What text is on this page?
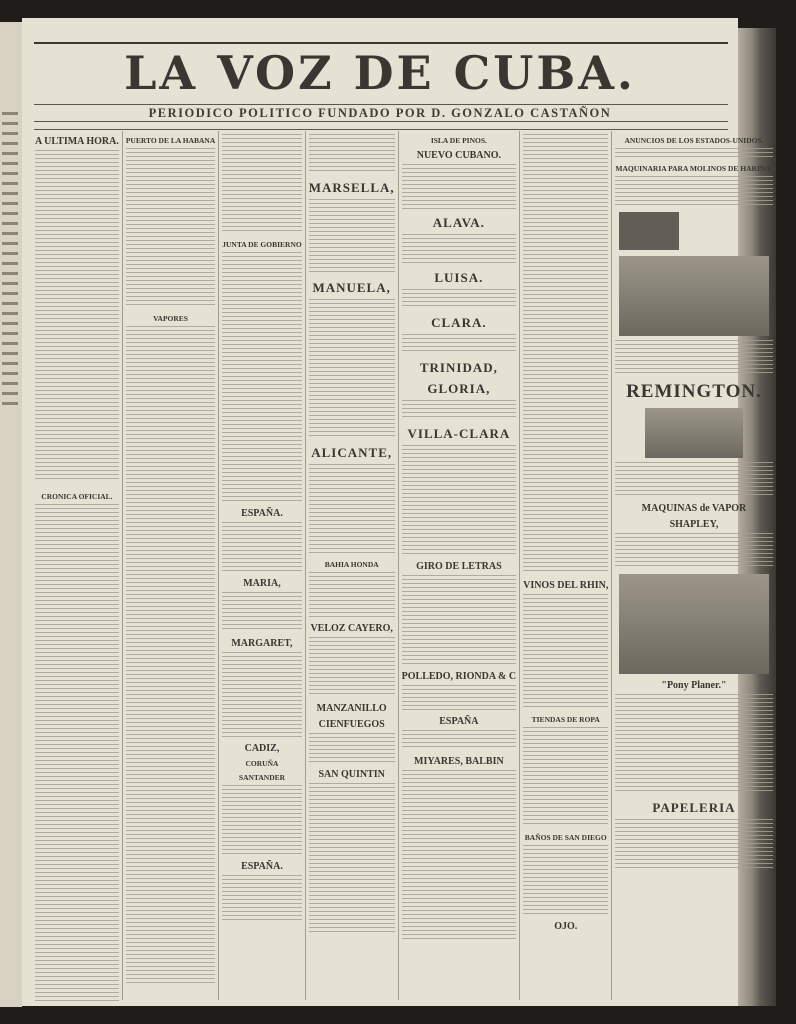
LA VOZ DE CUBA.
PERIODICO POLITICO FUNDADO POR D. GONZALO CASTAÑON
A ULTIMA HORA.
CRONICA OFICIAL.
PUERTO DE LA HABANA
VAPORES
JUNTA DE GOBIERNO
ESPAÑA.
MARIA,
MARGARET,
CADIZ,
CORUÑA
SANTANDER
ESPAÑA.
MARSELLA,
MANUELA,
ALICANTE,
BAHIA HONDA
VELOZ CAYERO,
MANZANILLO
CIENFUEGOS
SAN QUINTIN
ISLA DE PINOS.
NUEVO CUBANO.
ALAVA.
LUISA.
CLARA.
TRINIDAD,
GLORIA,
VILLA-CLARA
GIRO DE LETRAS
POLLEDO, RIONDA & C
ESPAÑA
MIYARES, BALBIN
VINOS DEL RHIN,
TIENDAS DE ROPA
BAÑOS DE SAN DIEGO
OJO.
ANUNCIOS DE LOS ESTADOS-UNIDOS.
MAQUINARIA PARA MOLINOS DE HARINA.
REMINGTON.
MAQUINAS de VAPOR
SHAPLEY,
"Pony Planer."
PAPELERIA
